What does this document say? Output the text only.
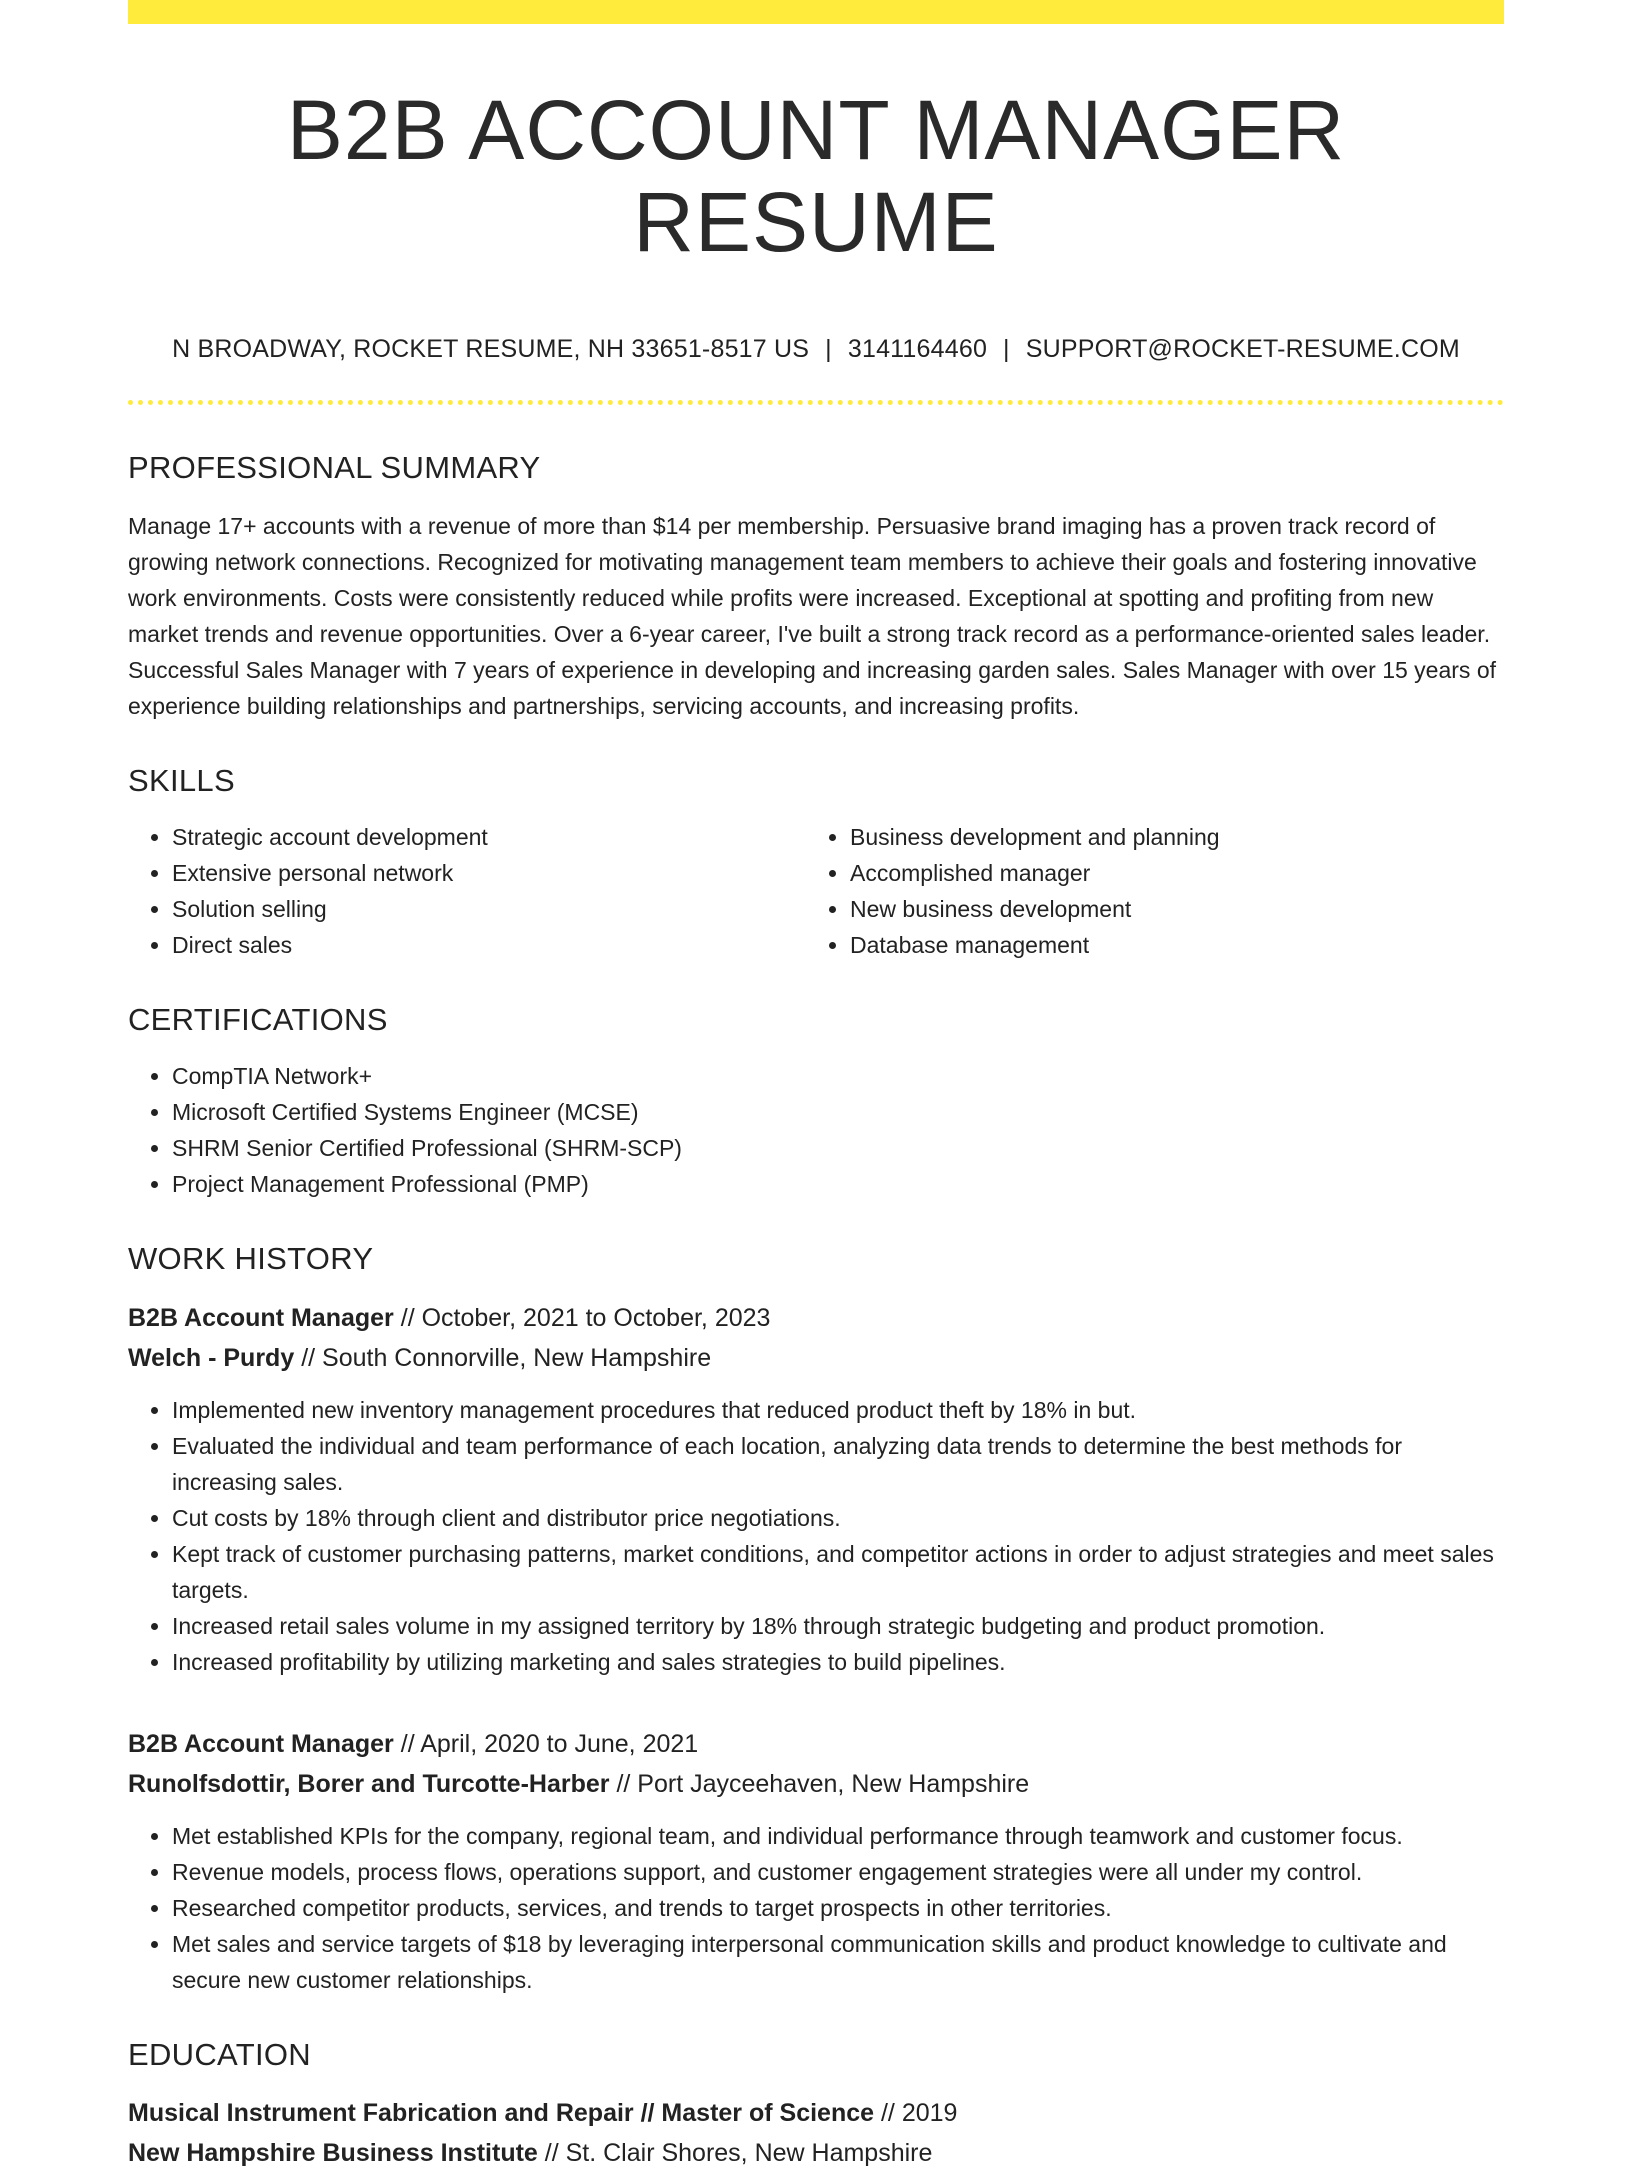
B2B ACCOUNT MANAGER RESUME
N BROADWAY, ROCKET RESUME, NH 33651-8517 US | 3141164460 | SUPPORT@ROCKET-RESUME.COM
PROFESSIONAL SUMMARY

Manage 17+ accounts with a revenue of more than $14 per membership. Persuasive brand imaging has a proven track record of growing network connections. Recognized for motivating management team members to achieve their goals and fostering innovative work environments. Costs were consistently reduced while profits were increased. Exceptional at spotting and profiting from new market trends and revenue opportunities. Over a 6-year career, I've built a strong track record as a performance-oriented sales leader. Successful Sales Manager with 7 years of experience in developing and increasing garden sales. Sales Manager with over 15 years of experience building relationships and partnerships, servicing accounts, and increasing profits.

SKILLS
• Strategic account development
• Extensive personal network
• Solution selling
• Direct sales
• Business development and planning
• Accomplished manager
• New business development
• Database management
CERTIFICATIONS
• CompTIA Network+
• Microsoft Certified Systems Engineer (MCSE)
• SHRM Senior Certified Professional (SHRM-SCP)
• Project Management Professional (PMP)
WORK HISTORY
B2B Account Manager // October, 2021 to October, 2023
Welch - Purdy // South Connorville, New Hampshire
• Implemented new inventory management procedures that reduced product theft by 18% in but.
• Evaluated the individual and team performance of each location, analyzing data trends to determine the best methods for increasing sales.
• Cut costs by 18% through client and distributor price negotiations.
• Kept track of customer purchasing patterns, market conditions, and competitor actions in order to adjust strategies and meet sales targets.
• Increased retail sales volume in my assigned territory by 18% through strategic budgeting and product promotion.
• Increased profitability by utilizing marketing and sales strategies to build pipelines.
B2B Account Manager // April, 2020 to June, 2021
Runolfsdottir, Borer and Turcotte-Harber // Port Jayceehaven, New Hampshire
• Met established KPIs for the company, regional team, and individual performance through teamwork and customer focus.
• Revenue models, process flows, operations support, and customer engagement strategies were all under my control.
• Researched competitor products, services, and trends to target prospects in other territories.
• Met sales and service targets of $18 by leveraging interpersonal communication skills and product knowledge to cultivate and secure new customer relationships.
EDUCATION
Musical Instrument Fabrication and Repair // Master of Science // 2019
New Hampshire Business Institute // St. Clair Shores, New Hampshire
